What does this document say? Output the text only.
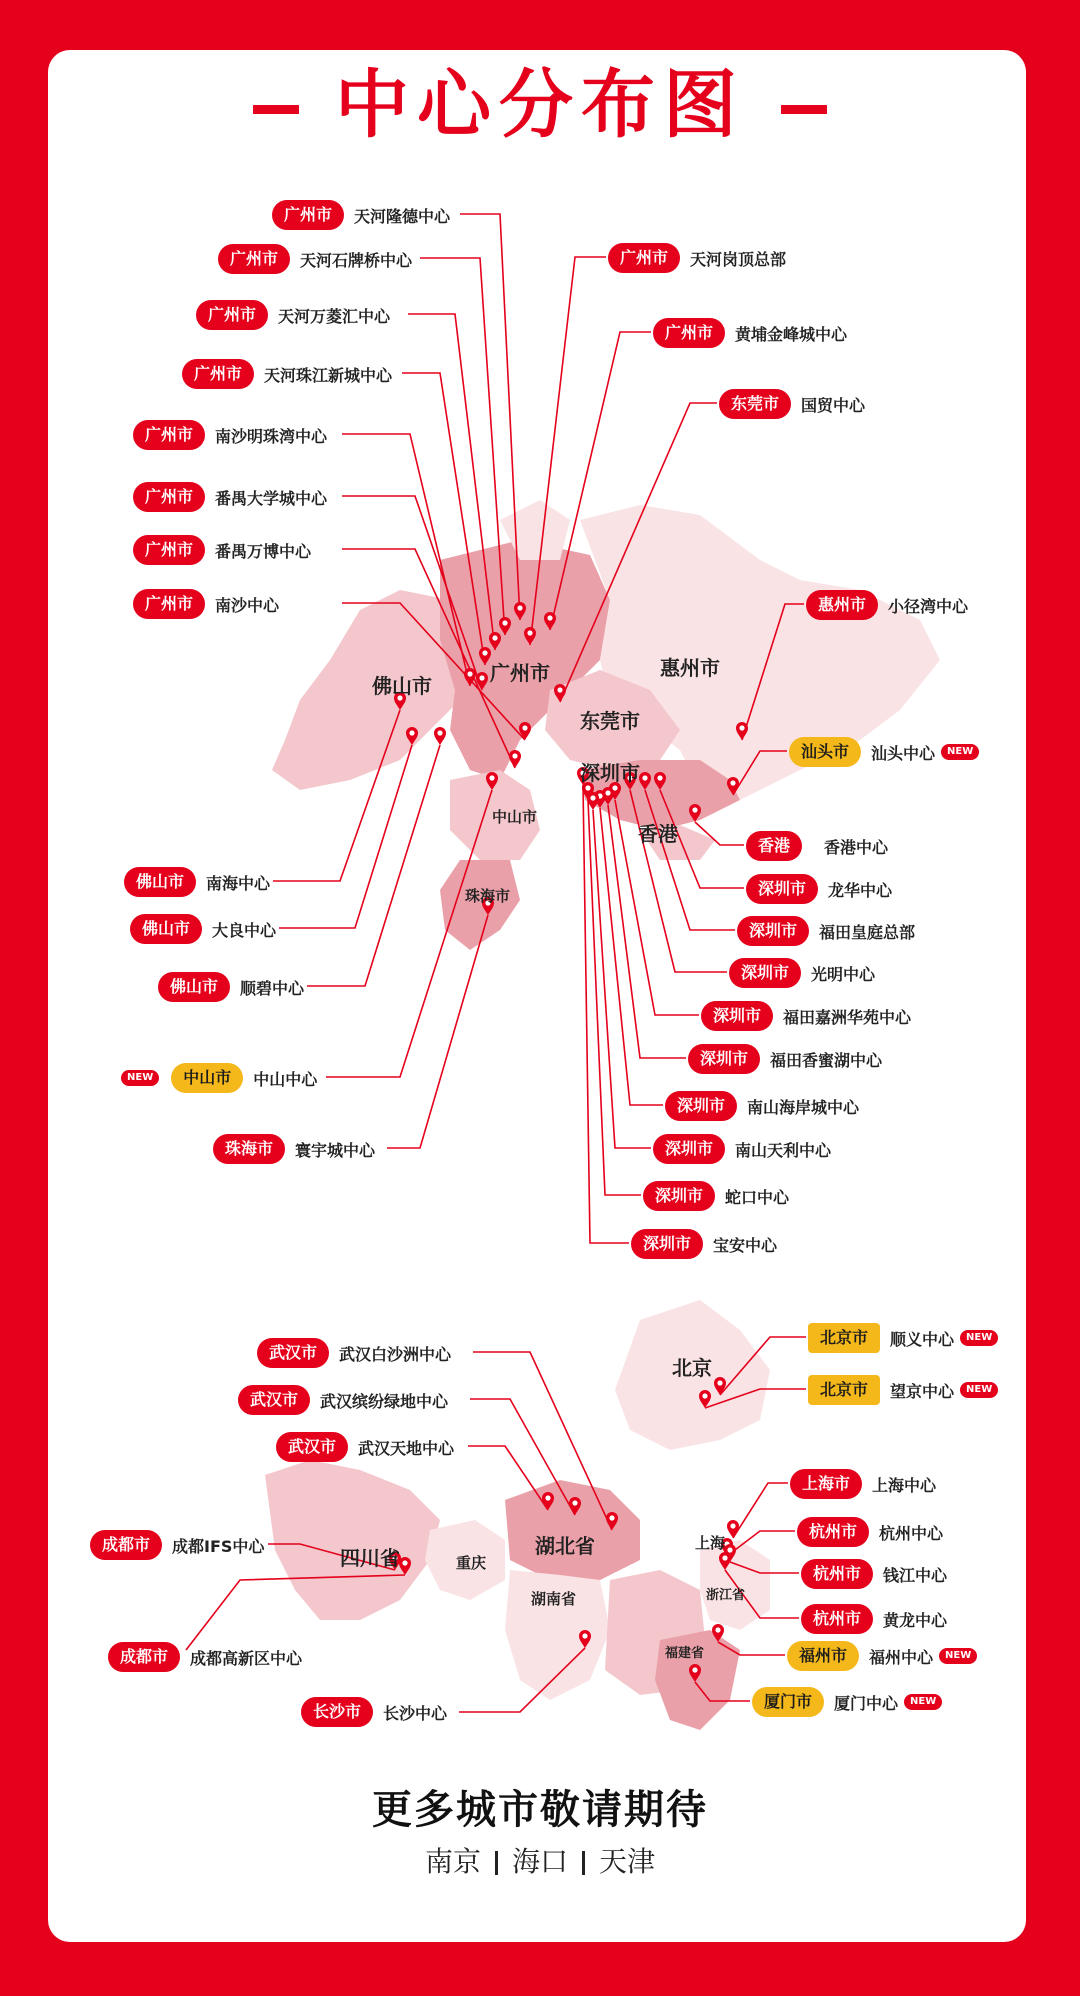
中心分布图
佛山市
广州市	惠州市
东莞市
深圳市
香港
中山市
珠海市
北京
四川省	重庆
湖北省
湖南省
上海
浙江省
福建省
广州市	天河隆德中心
广州市	天河石牌桥中心
广州市	天河万菱汇中心
广州市	天河珠江新城中心
广州市	南沙明珠湾中心
广州市	番禺大学城中心
广州市	番禺万博中心
广州市	南沙中心
广州市	天河岗顶总部
广州市	黄埔金峰城中心
东莞市	国贸中心
惠州市	小径湾中心
汕头市	汕头中心	NEW
香港	香港中心
深圳市	龙华中心
深圳市	福田皇庭总部
深圳市	光明中心
深圳市	福田嘉洲华苑中心
深圳市	福田香蜜湖中心
深圳市	南山海岸城中心
深圳市	南山天利中心
深圳市	蛇口中心
深圳市	宝安中心
佛山市	南海中心
佛山市	大良中心
佛山市	顺碧中心
NEW	中山市	中山中心
珠海市	寰宇城中心
武汉市	武汉白沙洲中心
武汉市	武汉缤纷绿地中心
武汉市	武汉天地中心
成都市	成都IFS中心
成都市	成都高新区中心
长沙市	长沙中心
北京市	顺义中心	NEW
北京市	望京中心	NEW
上海市	上海中心
杭州市	杭州中心
杭州市	钱江中心
杭州市	黄龙中心
福州市	福州中心	NEW
厦门市	厦门中心	NEW
更多城市敬请期待
南京 海口 天津
